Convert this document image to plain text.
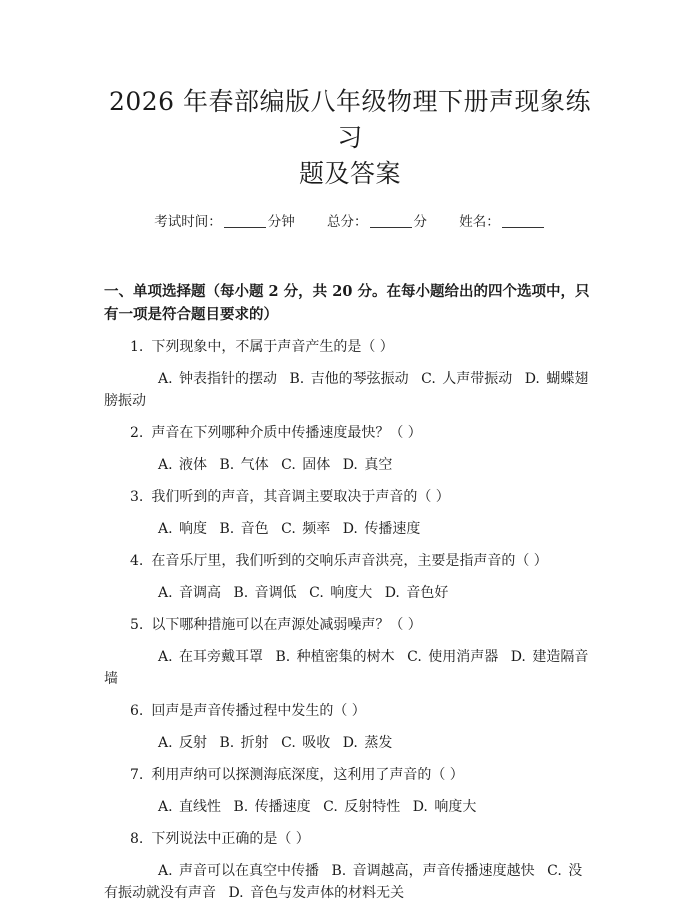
2026 年春部编版八年级物理下册声现象练习
题及答案
考试时间：	分钟 总分：	分 姓名：
一、单项选择题（每小题 2 分，共 20 分。在每小题给出的四个选项中，只有一项是符合题目要求的）
1. 下列现象中，不属于声音产生的是（ ）
A. 钟表指针的摆动 B. 吉他的琴弦振动 C. 人声带振动 D. 蝴蝶翅膀振动
2. 声音在下列哪种介质中传播速度最快？（ ）
A. 液体 B. 气体 C. 固体 D. 真空
3. 我们听到的声音，其音调主要取决于声音的（ ）
A. 响度 B. 音色 C. 频率 D. 传播速度
4. 在音乐厅里，我们听到的交响乐声音洪亮，主要是指声音的（ ）
A. 音调高 B. 音调低 C. 响度大 D. 音色好
5. 以下哪种措施可以在声源处减弱噪声？（ ）
A. 在耳旁戴耳罩 B. 种植密集的树木 C. 使用消声器 D. 建造隔音墙
6. 回声是声音传播过程中发生的（ ）
A. 反射 B. 折射 C. 吸收 D. 蒸发
7. 利用声纳可以探测海底深度，这利用了声音的（ ）
A. 直线性 B. 传播速度 C. 反射特性 D. 响度大
8. 下列说法中正确的是（ ）
A. 声音可以在真空中传播 B. 音调越高，声音传播速度越快 C. 没有振动就没有声音 D. 音色与发声体的材料无关
